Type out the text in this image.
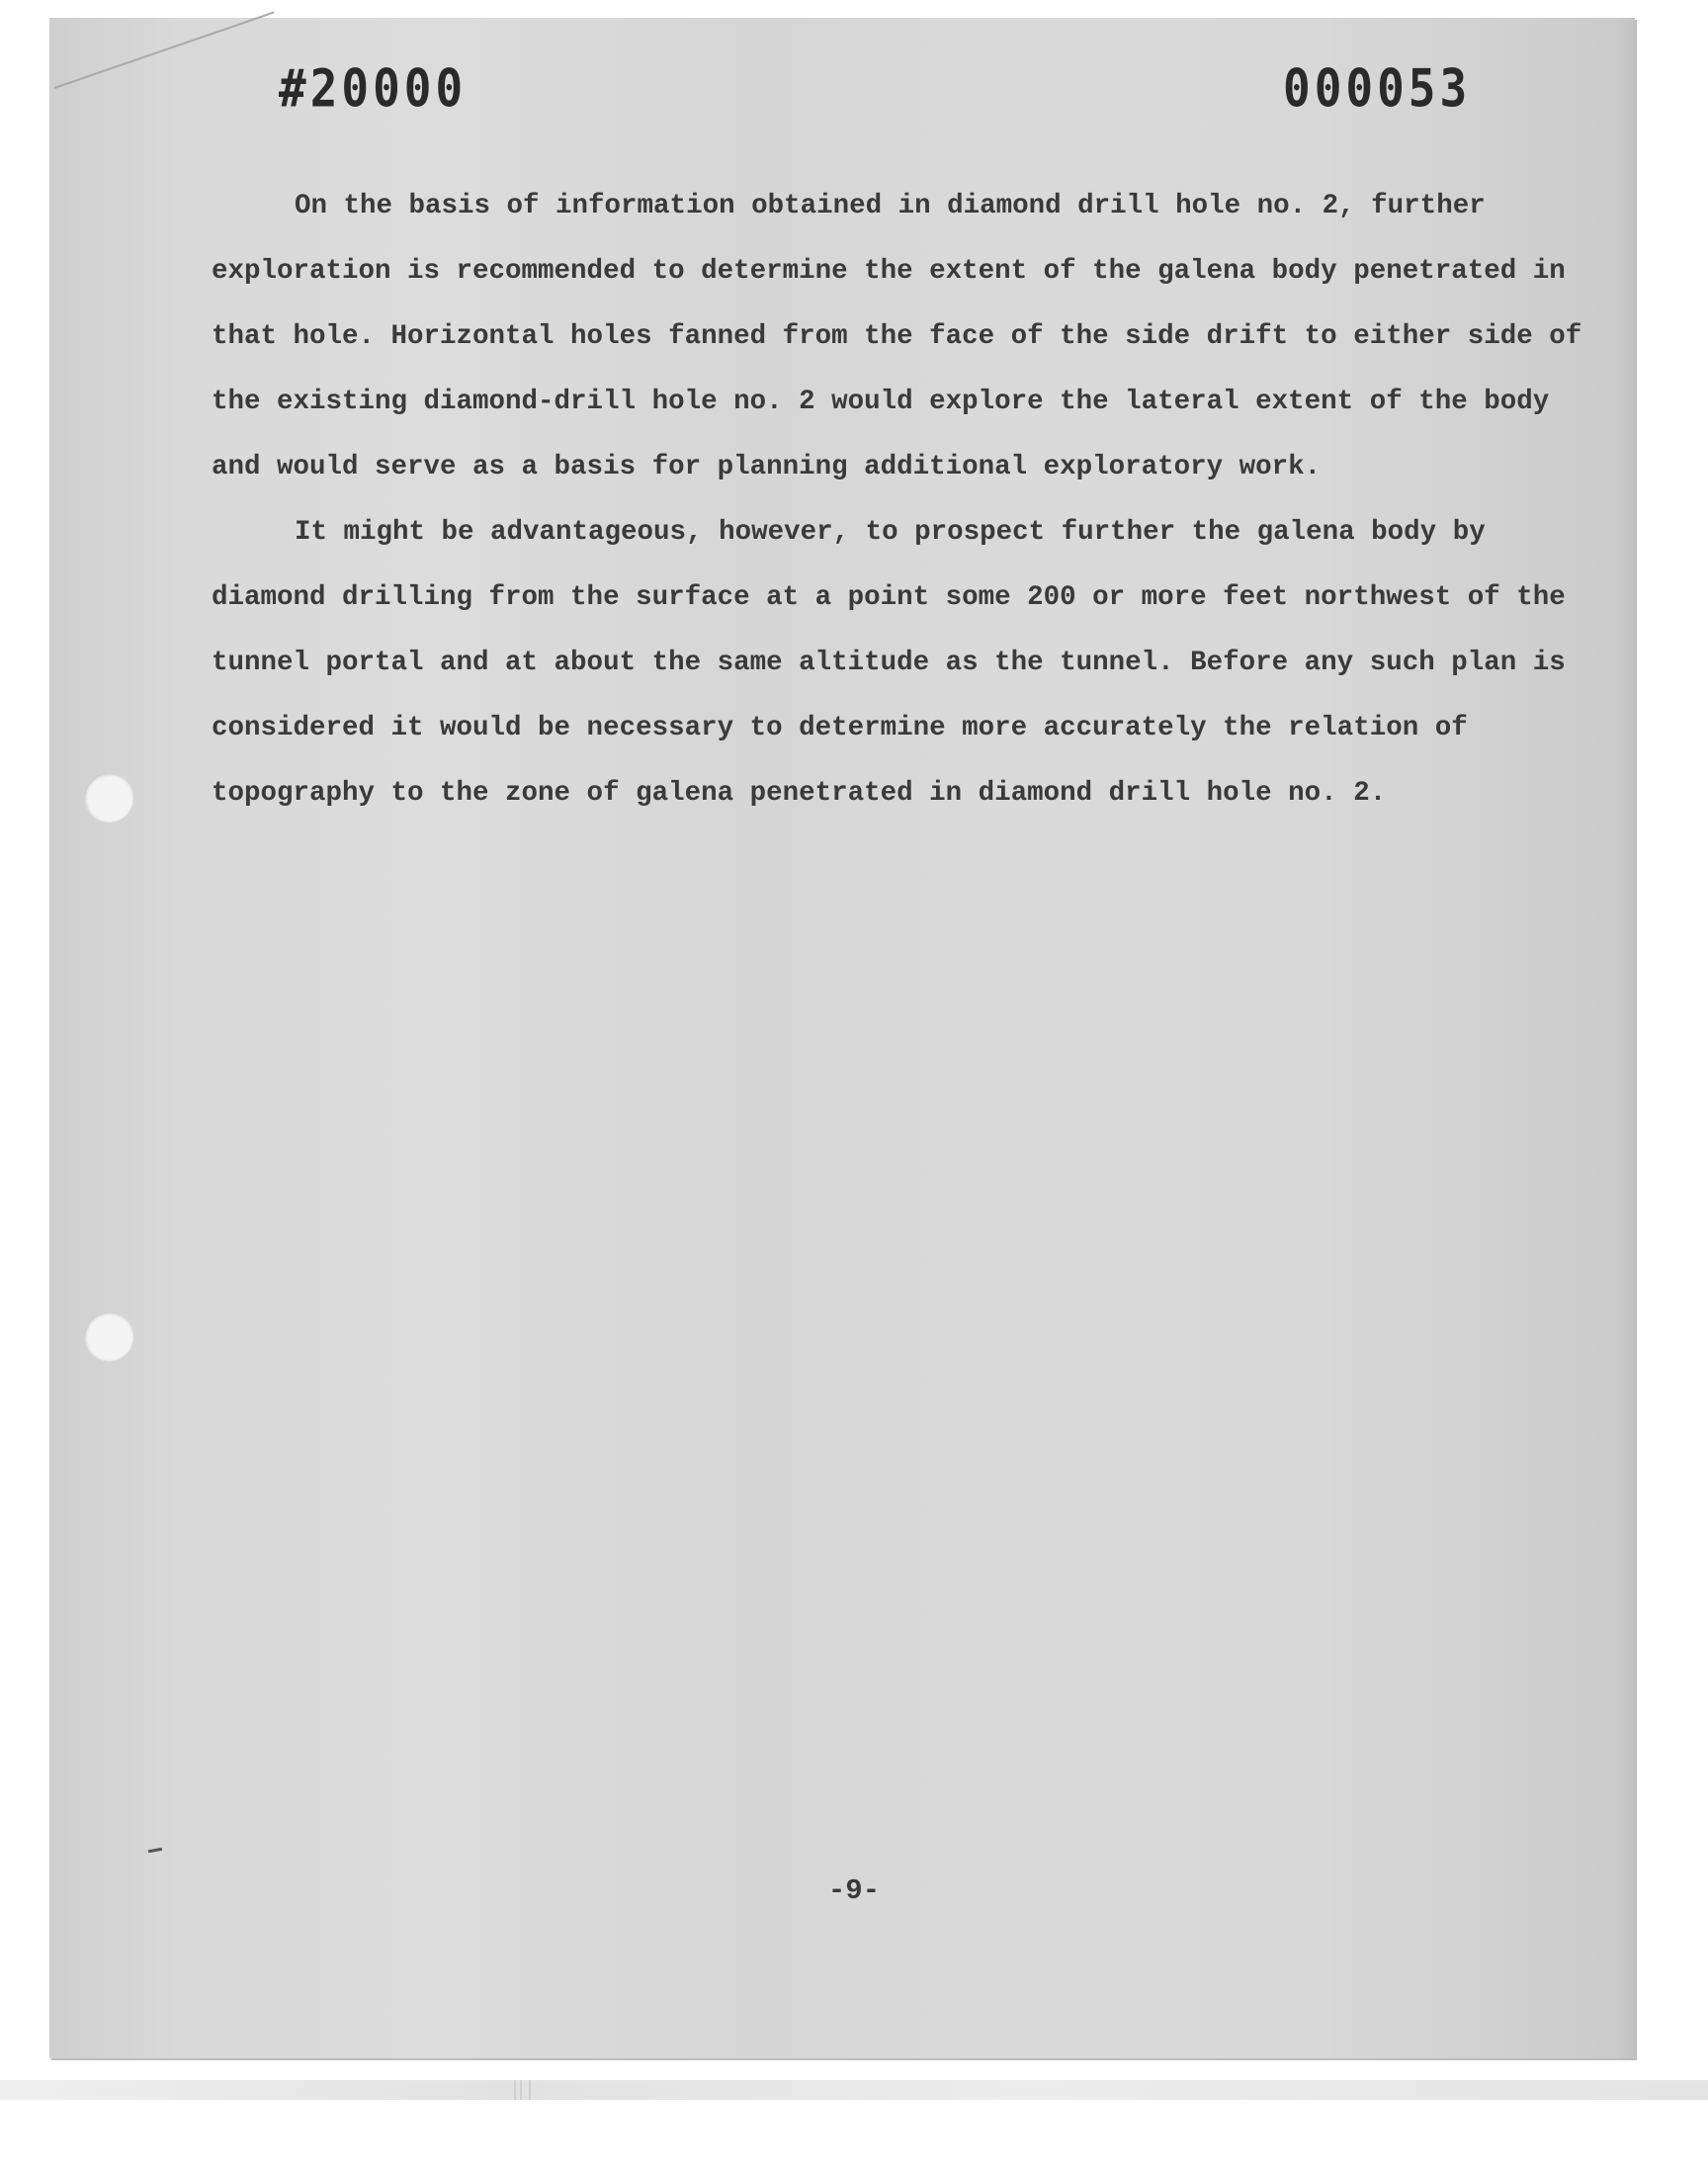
#20000	000053

On the basis of information obtained in diamond drill hole no. 2, further exploration is recommended to determine the extent of the galena body penetrated in that hole. Horizontal holes fanned from the face of the side drift to either side of the existing diamond-drill hole no. 2 would explore the lateral extent of the body and would serve as a basis for planning additional exploratory work.

It might be advantageous, however, to prospect further the galena body by diamond drilling from the surface at a point some 200 or more feet northwest of the tunnel portal and at about the same altitude as the tunnel. Before any such plan is considered it would be necessary to determine more accurately the relation of topography to the zone of galena penetrated in diamond drill hole no. 2.

-9-
